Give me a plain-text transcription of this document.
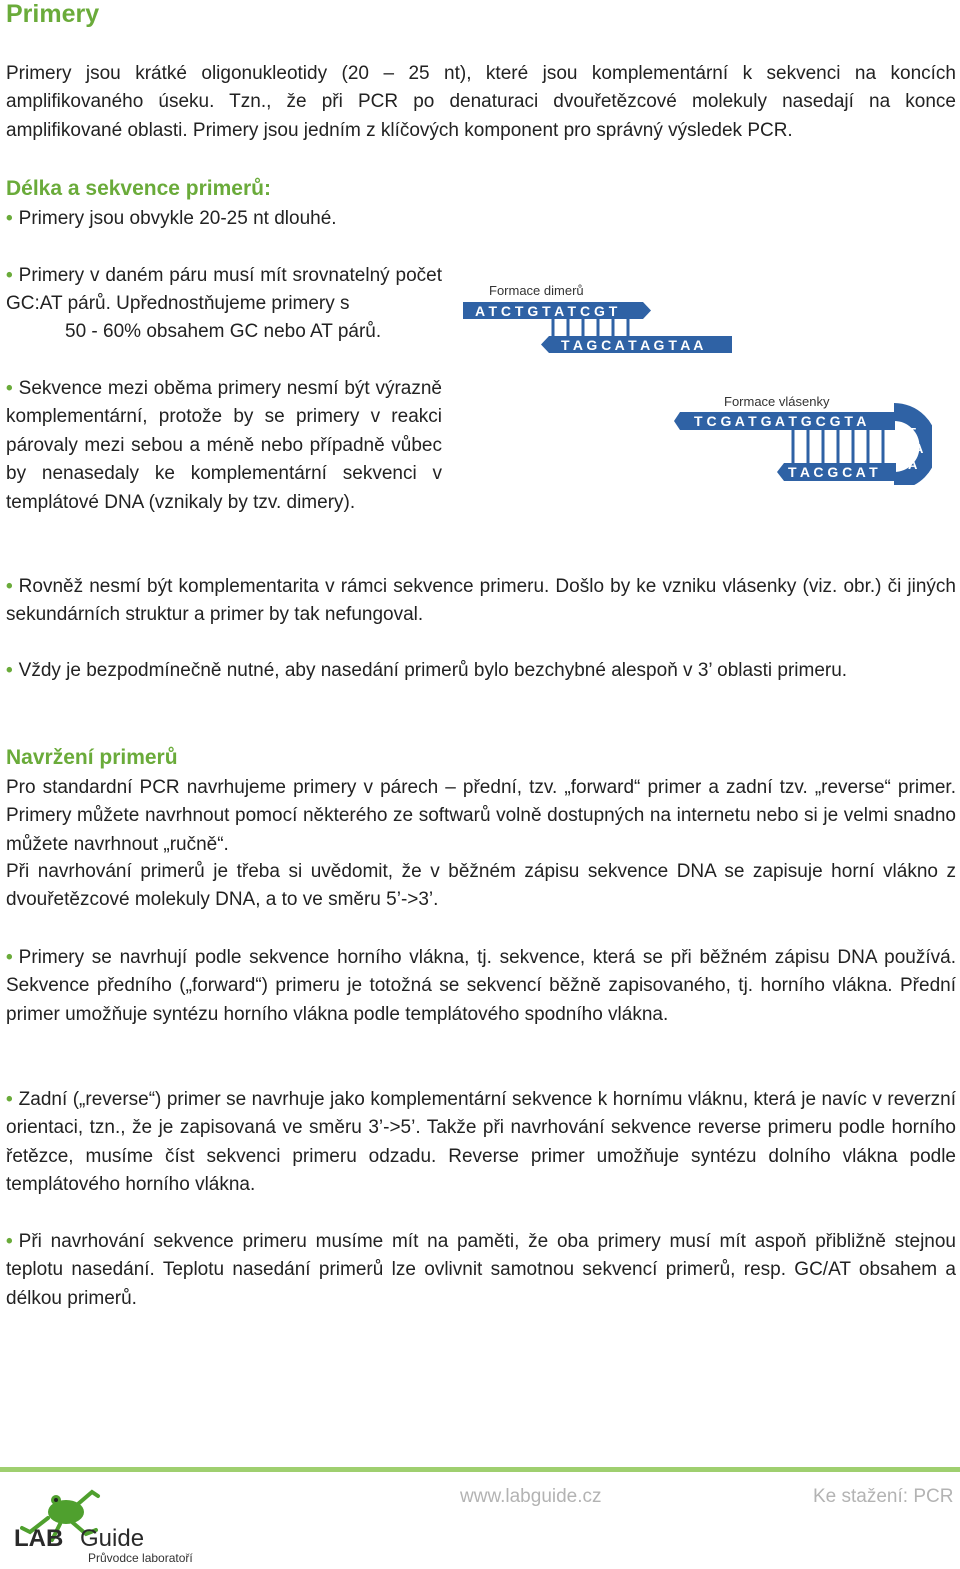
Primery
Primery jsou krátké oligonukleotidy (20 – 25 nt), které jsou komplementární k sekvenci na koncích amplifikovaného úseku. Tzn., že při PCR po denaturaci dvouřetězcové molekuly nasedají na konce amplifikované oblasti. Primery jsou jedním z klíčových komponent pro správný výsledek PCR.
Délka a sekvence primerů:
• Primery jsou obvykle 20-25 nt dlouhé.
• Primery v daném páru musí mít srovnatelný počet GC:AT párů. Upřednostňujeme primery s
50 - 60% obsahem GC nebo AT párů.
Formace dimerů
A T C T G T A T C G T
T A G C A T A G T A A
• Sekvence mezi oběma primery nesmí být výrazně komplementární, protože by se primery v reakci párovaly mezi sebou a méně nebo případně vůbec by nenasedaly ke komplementární sekvenci v templátové DNA (vznikaly by tzv. dimery).
Formace vlásenky
T C G A T G A T G C G T A
T
A
A
T A C G C A T
• Rovněž nesmí být komplementarita v rámci sekvence primeru. Došlo by ke vzniku vlásenky (viz. obr.) či jiných sekundárních struktur a primer by tak nefungoval.
• Vždy je bezpodmínečně nutné, aby nasedání primerů bylo bezchybné alespoň v 3’ oblasti primeru.
Navržení primerů
Pro standardní PCR navrhujeme primery v párech – přední, tzv. „forward“ primer a zadní tzv. „reverse“ primer. Primery můžete navrhnout pomocí některého ze softwarů volně dostupných na internetu nebo si je velmi snadno můžete navrhnout „ručně“.
Při navrhování primerů je třeba si uvědomit, že v běžném zápisu sekvence DNA se zapisuje horní vlákno z dvouřetězcové molekuly DNA, a to ve směru 5’->3’.
• Primery se navrhují podle sekvence horního vlákna, tj. sekvence, která se při běžném zápisu DNA používá. Sekvence předního („forward“) primeru je totožná se sekvencí běžně zapisovaného, tj. horního vlákna. Přední primer umožňuje syntézu horního vlákna podle templátového spodního vlákna.
• Zadní („reverse“) primer se navrhuje jako komplementární sekvence k hornímu vláknu, která je navíc v reverzní orientaci, tzn., že je zapisovaná ve směru 3’->5’. Takže při navrhování sekvence reverse primeru podle horního řetězce, musíme číst sekvenci primeru odzadu. Reverse primer umožňuje syntézu dolního vlákna podle templátového horního vlákna.
• Při navrhování sekvence primeru musíme mít na paměti, že oba primery musí mít aspoň přibližně stejnou teplotu nasedání. Teplotu nasedání primerů lze ovlivnit samotnou sekvencí primerů, resp. GC/AT obsahem a délkou primerů.
LAB Guide
Průvodce laboratoří
www.labguide.cz	Ke stažení: PCR
